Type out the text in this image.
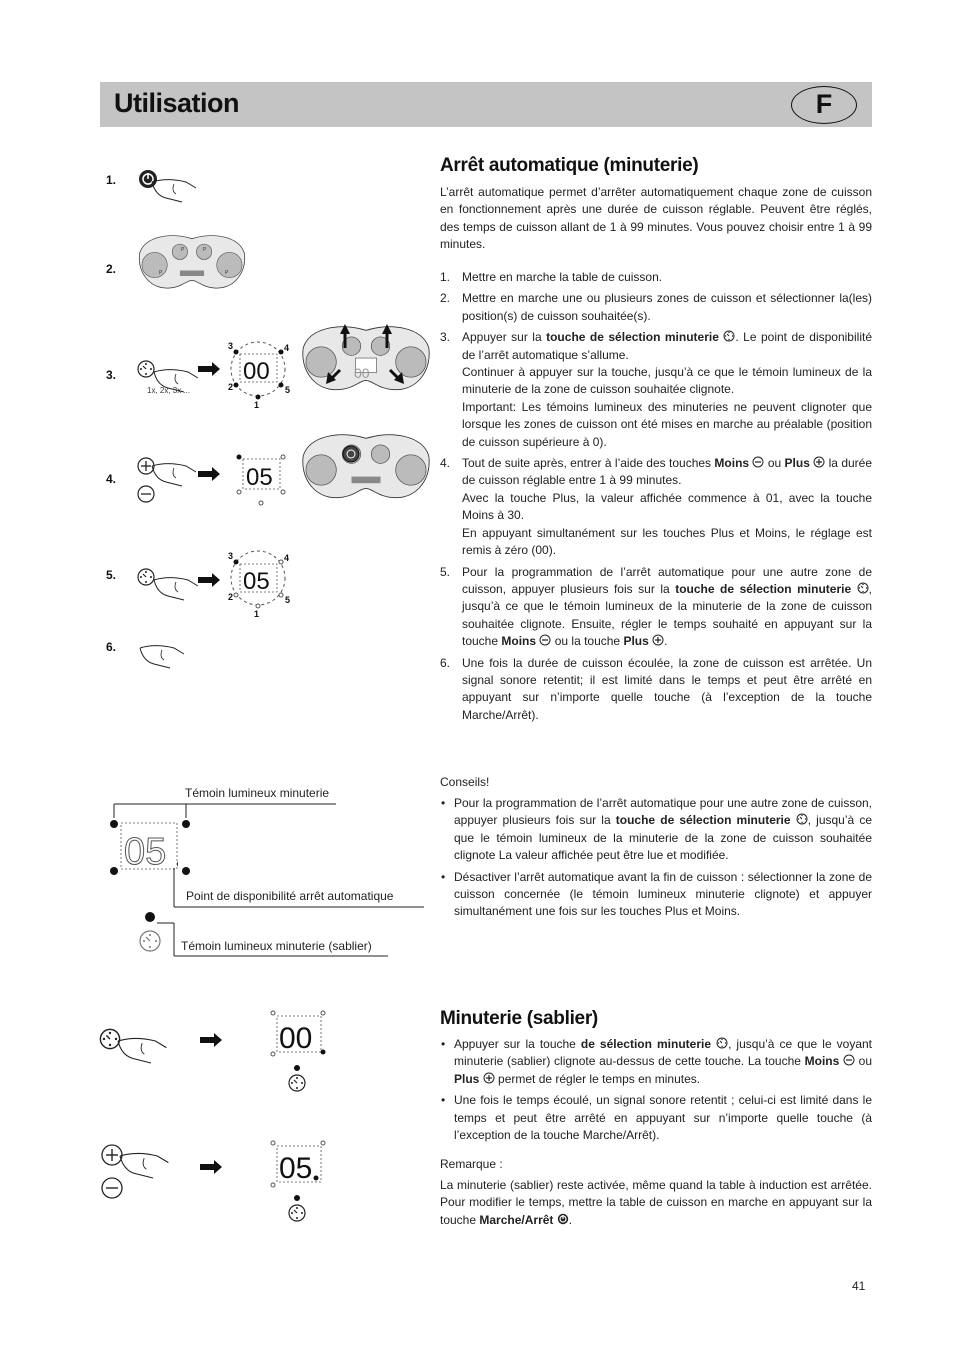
Utilisation	F
Arrêt automatique (minuterie)
L’arrêt automatique permet d’arrêter automatiquement chaque zone de cuisson en fonctionnement après une durée de cuisson réglable. Peuvent être réglés, des temps de cuisson allant de 1 à 99 minutes. Vous pouvez choisir entre 1 à 99 minutes.
1. Mettre en marche la table de cuisson.
2. Mettre en marche une ou plusieurs zones de cuisson et sélectionner la(les) position(s) de cuisson souhaitée(s).
3. Appuyer sur la touche de sélection minuterie . Le point de disponibilité de l’arrêt automatique s’allume.
Continuer à appuyer sur la touche, jusqu’à ce que le témoin lumineux de la minuterie de la zone de cuisson souhaitée clignote.
Important: Les témoins lumineux des minuteries ne peuvent clignoter que lorsque les zones de cuisson ont été mises en marche au préalable (position de cuisson supérieure à 0).
4. Tout de suite après, entrer à l’aide des touches Moins  ou Plus  la durée de cuisson réglable entre 1 à 99 minutes.
Avec la touche Plus, la valeur affichée commence à 01, avec la touche Moins à 30.
En appuyant simultanément sur les touches Plus et Moins, le réglage est remis à zéro (00).
5. Pour la programmation de l’arrêt automatique pour une autre zone de cuisson, appuyer plusieurs fois sur la touche de sélection minuterie , jusqu’à ce que le témoin lumineux de la minuterie de la zone de cuisson souhaitée clignote. Ensuite, régler le temps souhaité en appuyant sur la touche Moins  ou la touche Plus .
6. Une fois la durée de cuisson écoulée, la zone de cuisson est arrêtée. Un signal sonore retentit; il est limité dans le temps et peut être arrêté en appuyant sur n’importe quelle touche (à l’exception de la touche Marche/Arrêt).
Conseils!
• Pour la programmation de l’arrêt automatique pour une autre zone de cuisson, appuyer plusieurs fois sur la touche de sélection minuterie , jusqu’à ce que le témoin lumineux de la minuterie de la zone de cuisson souhaitée clignote La valeur affichée peut être lue et modifiée.
• Désactiver l’arrêt automatique avant la fin de cuisson : sélectionner la zone de cuisson concernée (le témoin lumineux minuterie clignote) et appuyer simultanément une fois sur les touches Plus et Moins.
Minuterie (sablier)
• Appuyer sur la touche de sélection minuterie , jusqu’à ce que le voyant minuterie (sablier) clignote au-dessus de cette touche. La touche Moins  ou Plus  permet de régler le temps en minutes.
• Une fois le temps écoulé, un signal sonore retentit ; celui-ci est limité dans le temps et peut être arrêté en appuyant sur n’importe quelle touche (à l’exception de la touche Marche/Arrêt).
Remarque :
La minuterie (sablier) reste activée, même quand la table à induction est arrêtée. Pour modifier le temps, mettre la table de cuisson en marche en appuyant sur la touche Marche/Arrêt .
41
1.
2.
3.
4.
5.
6.
P	P
P	P
1x, 2x, 3x ...
00
3	4
2	5
1
00
05
05
3	4
2	5
1
Témoin lumineux minuterie
05
Point de disponibilité arrêt automatique
Témoin lumineux minuterie (sablier)
00
05
